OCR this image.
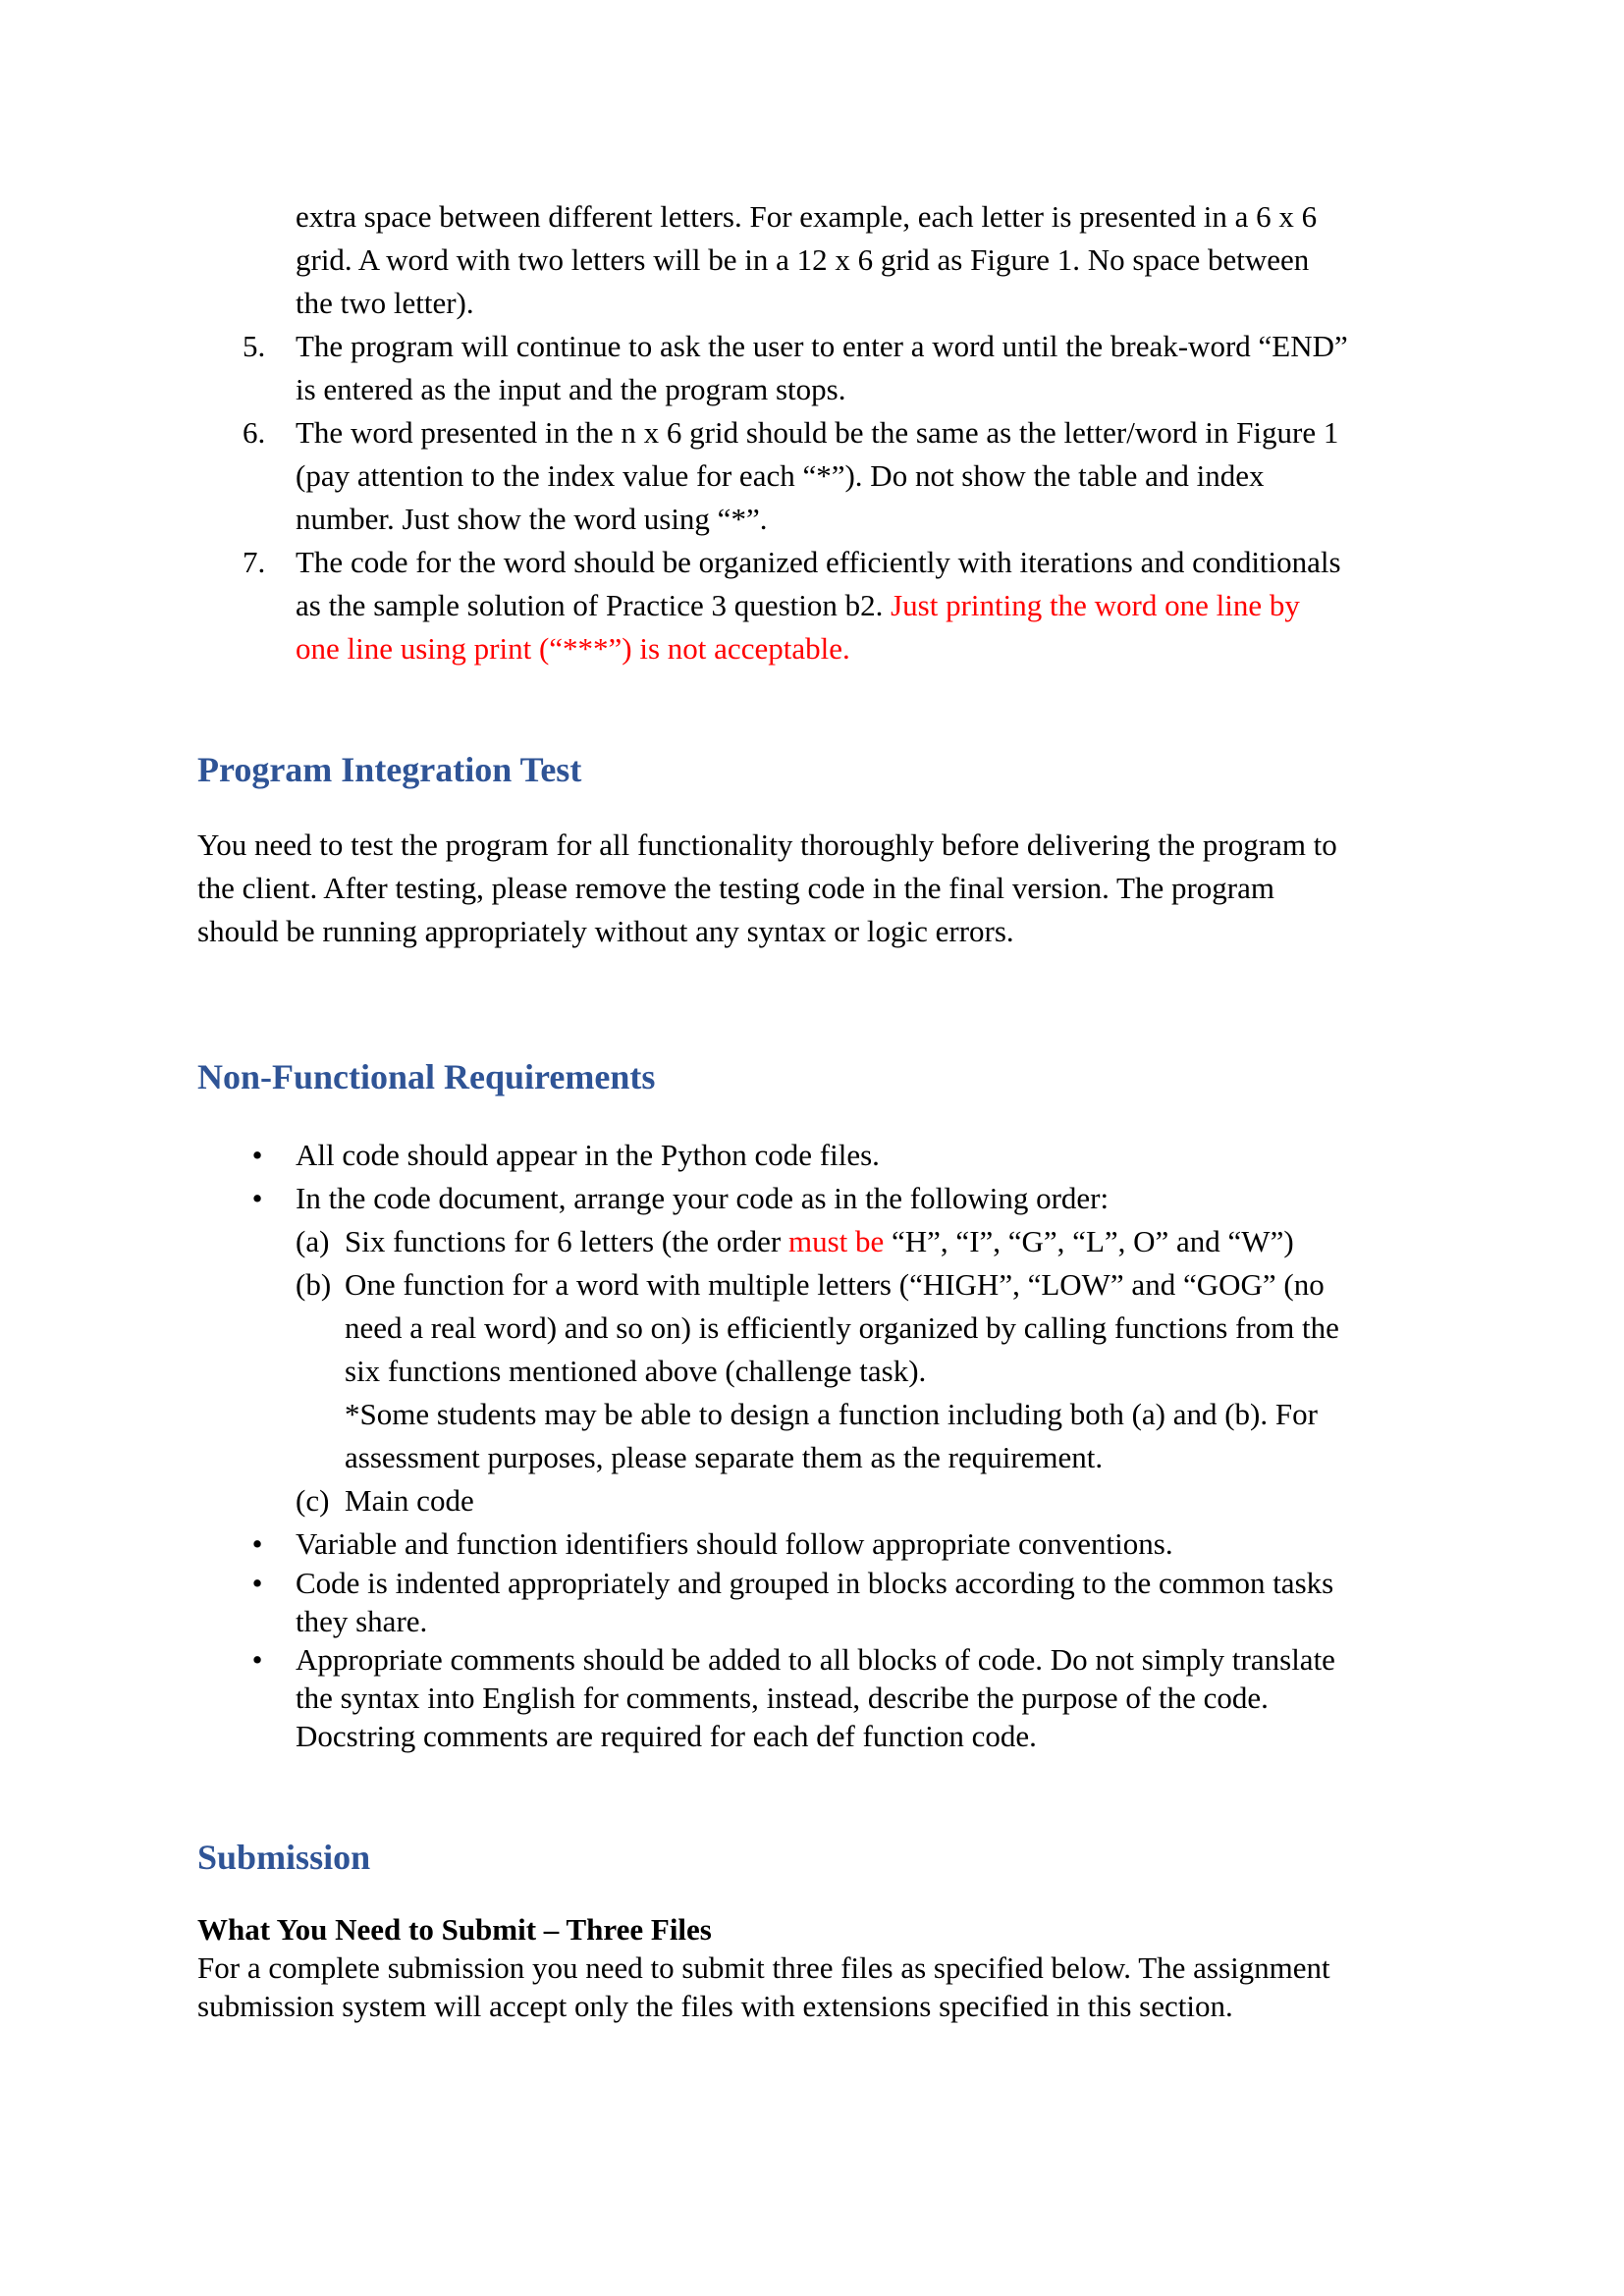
extra space between different letters. For example, each letter is presented in a 6 x 6
grid. A word with two letters will be in a 12 x 6 grid as Figure 1. No space between
the two letter).
5. The program will continue to ask the user to enter a word until the break-word “END”
is entered as the input and the program stops.
6. The word presented in the n x 6 grid should be the same as the letter/word in Figure 1
(pay attention to the index value for each “*”). Do not show the table and index
number. Just show the word using “*”.
7. The code for the word should be organized efficiently with iterations and conditionals
as the sample solution of Practice 3 question b2. Just printing the word one line by
one line using print (“***”) is not acceptable.
Program Integration Test

You need to test the program for all functionality thoroughly before delivering the program to
the client. After testing, please remove the testing code in the final version. The program
should be running appropriately without any syntax or logic errors.

Non-Functional Requirements
• All code should appear in the Python code files.
• In the code document, arrange your code as in the following order:
(a) Six functions for 6 letters (the order must be “H”, “I”, “G”, “L”, O” and “W”)
(b) One function for a word with multiple letters (“HIGH”, “LOW” and “GOG” (no
need a real word) and so on) is efficiently organized by calling functions from the
six functions mentioned above (challenge task).
*Some students may be able to design a function including both (a) and (b). For
assessment purposes, please separate them as the requirement.
(c) Main code
• Variable and function identifiers should follow appropriate conventions.
• Code is indented appropriately and grouped in blocks according to the common tasks
they share.
• Appropriate comments should be added to all blocks of code. Do not simply translate
the syntax into English for comments, instead, describe the purpose of the code.
Docstring comments are required for each def function code.
Submission

What You Need to Submit – Three Files

For a complete submission you need to submit three files as specified below. The assignment
submission system will accept only the files with extensions specified in this section.
